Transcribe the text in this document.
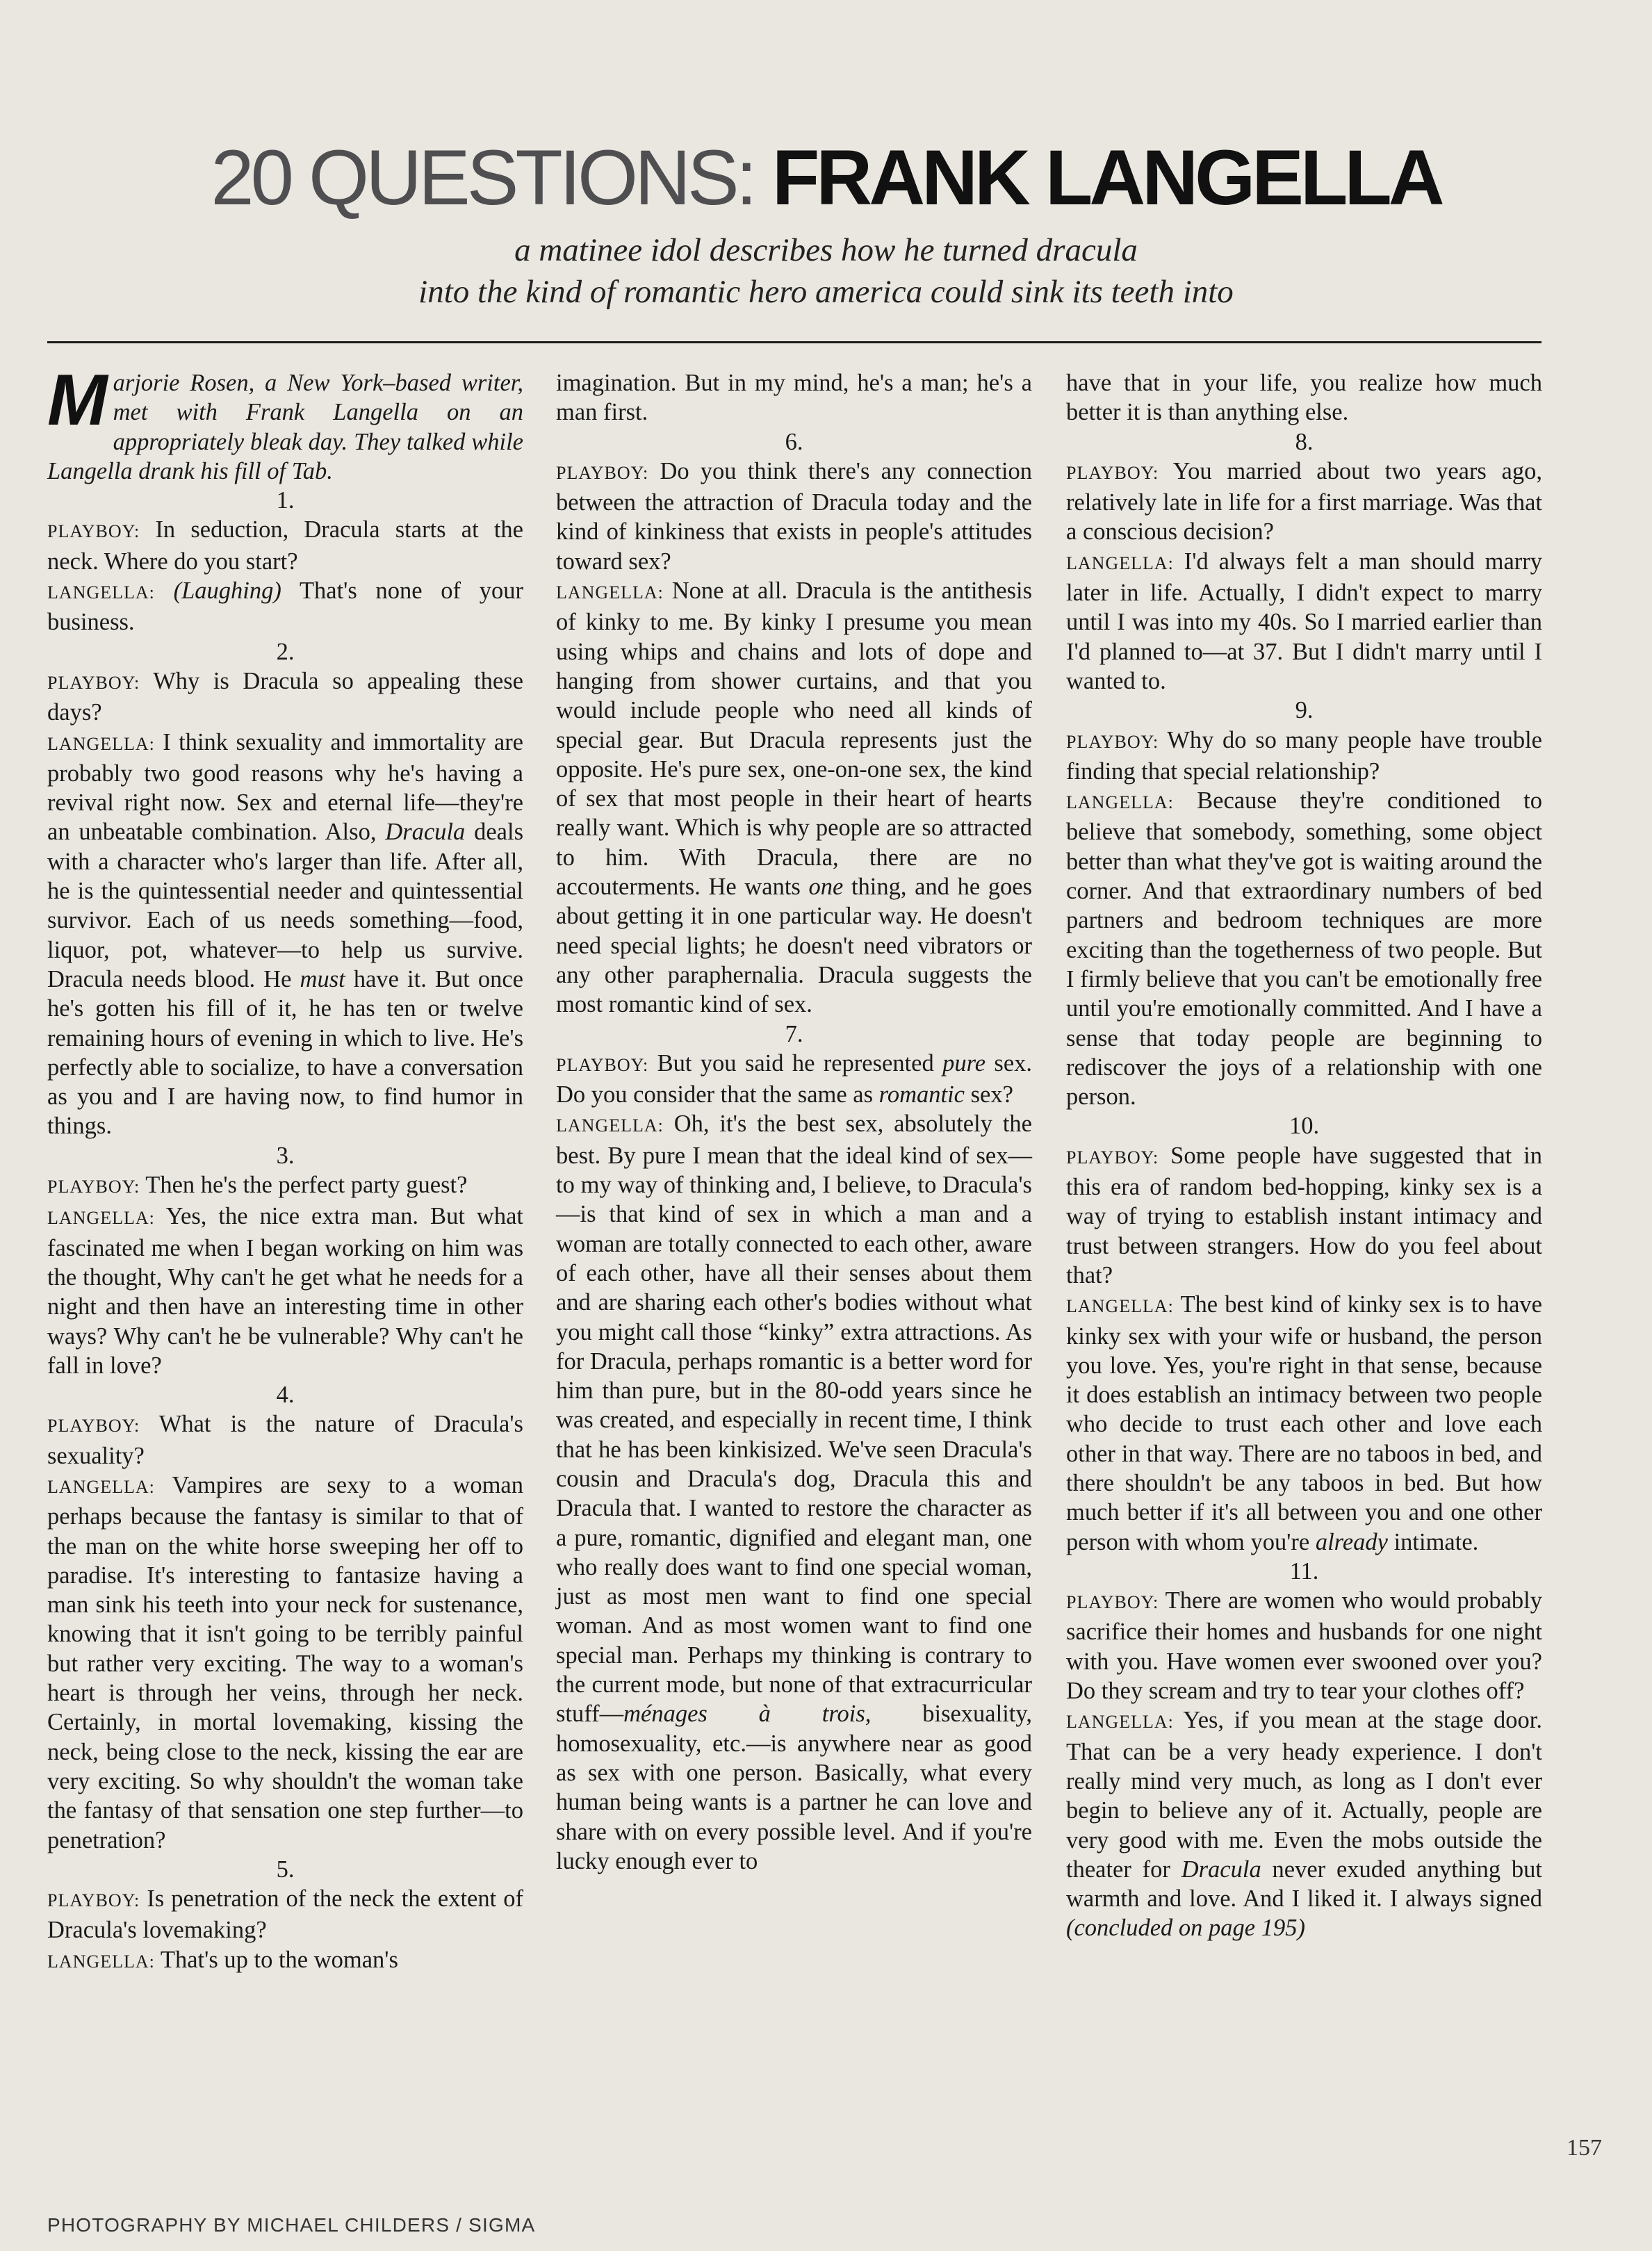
20 QUESTIONS: FRANK LANGELLA
a matinee idol describes how he turned dracula
into the kind of romantic hero america could sink its teeth into

Marjorie Rosen, a New York–based writer, met with Frank Langella on an appropriately bleak day. They talked while Langella drank his fill of Tab.

1.

PLAYBOY: In seduction, Dracula starts at the neck. Where do you start?

LANGELLA: (Laughing) That's none of your business.

2.

PLAYBOY: Why is Dracula so appealing these days?

LANGELLA: I think sexuality and immortality are probably two good reasons why he's having a revival right now. Sex and eternal life—they're an unbeatable combination. Also, Dracula deals with a character who's larger than life. After all, he is the quintessential needer and quintessential survivor. Each of us needs something—food, liquor, pot, whatever—to help us survive. Dracula needs blood. He must have it. But once he's gotten his fill of it, he has ten or twelve remaining hours of evening in which to live. He's perfectly able to socialize, to have a conversation as you and I are having now, to find humor in things.

3.

PLAYBOY: Then he's the perfect party guest?

LANGELLA: Yes, the nice extra man. But what fascinated me when I began working on him was the thought, Why can't he get what he needs for a night and then have an interesting time in other ways? Why can't he be vulnerable? Why can't he fall in love?

4.

PLAYBOY: What is the nature of Dracula's sexuality?

LANGELLA: Vampires are sexy to a woman perhaps because the fantasy is similar to that of the man on the white horse sweeping her off to paradise. It's interesting to fantasize having a man sink his teeth into your neck for sustenance, knowing that it isn't going to be terribly painful but rather very exciting. The way to a woman's heart is through her veins, through her neck. Certainly, in mortal lovemaking, kissing the neck, being close to the neck, kissing the ear are very exciting. So why shouldn't the woman take the fantasy of that sensation one step further—to penetration?

5.

PLAYBOY: Is penetration of the neck the extent of Dracula's lovemaking?

LANGELLA: That's up to the woman's

imagination. But in my mind, he's a man; he's a man first.

6.

PLAYBOY: Do you think there's any connection between the attraction of Dracula today and the kind of kinkiness that exists in people's attitudes toward sex?

LANGELLA: None at all. Dracula is the antithesis of kinky to me. By kinky I presume you mean using whips and chains and lots of dope and hanging from shower curtains, and that you would include people who need all kinds of special gear. But Dracula represents just the opposite. He's pure sex, one-on-one sex, the kind of sex that most people in their heart of hearts really want. Which is why people are so attracted to him. With Dracula, there are no accouterments. He wants one thing, and he goes about getting it in one particular way. He doesn't need special lights; he doesn't need vibrators or any other paraphernalia. Dracula suggests the most romantic kind of sex.

7.

PLAYBOY: But you said he represented pure sex. Do you consider that the same as romantic sex?

LANGELLA: Oh, it's the best sex, absolutely the best. By pure I mean that the ideal kind of sex—to my way of thinking and, I believe, to Dracula's—is that kind of sex in which a man and a woman are totally connected to each other, aware of each other, have all their senses about them and are sharing each other's bodies without what you might call those “kinky” extra attractions. As for Dracula, perhaps romantic is a better word for him than pure, but in the 80-odd years since he was created, and especially in recent time, I think that he has been kinkisized. We've seen Dracula's cousin and Dracula's dog, Dracula this and Dracula that. I wanted to restore the character as a pure, romantic, dignified and elegant man, one who really does want to find one special woman, just as most men want to find one special woman. And as most women want to find one special man. Perhaps my thinking is contrary to the current mode, but none of that extracurricular stuff—ménages à trois, bisexuality, homosexuality, etc.—is anywhere near as good as sex with one person. Basically, what every human being wants is a partner he can love and share with on every possible level. And if you're lucky enough ever to

have that in your life, you realize how much better it is than anything else.

8.

PLAYBOY: You married about two years ago, relatively late in life for a first marriage. Was that a conscious decision?

LANGELLA: I'd always felt a man should marry later in life. Actually, I didn't expect to marry until I was into my 40s. So I married earlier than I'd planned to—at 37. But I didn't marry until I wanted to.

9.

PLAYBOY: Why do so many people have trouble finding that special relationship?

LANGELLA: Because they're conditioned to believe that somebody, something, some object better than what they've got is waiting around the corner. And that extraordinary numbers of bed partners and bedroom techniques are more exciting than the togetherness of two people. But I firmly believe that you can't be emotionally free until you're emotionally committed. And I have a sense that today people are beginning to rediscover the joys of a relationship with one person.

10.

PLAYBOY: Some people have suggested that in this era of random bed-hopping, kinky sex is a way of trying to establish instant intimacy and trust between strangers. How do you feel about that?

LANGELLA: The best kind of kinky sex is to have kinky sex with your wife or husband, the person you love. Yes, you're right in that sense, because it does establish an intimacy between two people who decide to trust each other and love each other in that way. There are no taboos in bed, and there shouldn't be any taboos in bed. But how much better if it's all between you and one other person with whom you're already intimate.

11.

PLAYBOY: There are women who would probably sacrifice their homes and husbands for one night with you. Have women ever swooned over you? Do they scream and try to tear your clothes off?

LANGELLA: Yes, if you mean at the stage door. That can be a very heady experience. I don't really mind very much, as long as I don't ever begin to believe any of it. Actually, people are very good with me. Even the mobs outside the theater for Dracula never exuded anything but warmth and love. And I liked it. I always signed (concluded on page 195)

157
PHOTOGRAPHY BY MICHAEL CHILDERS / SIGMA
